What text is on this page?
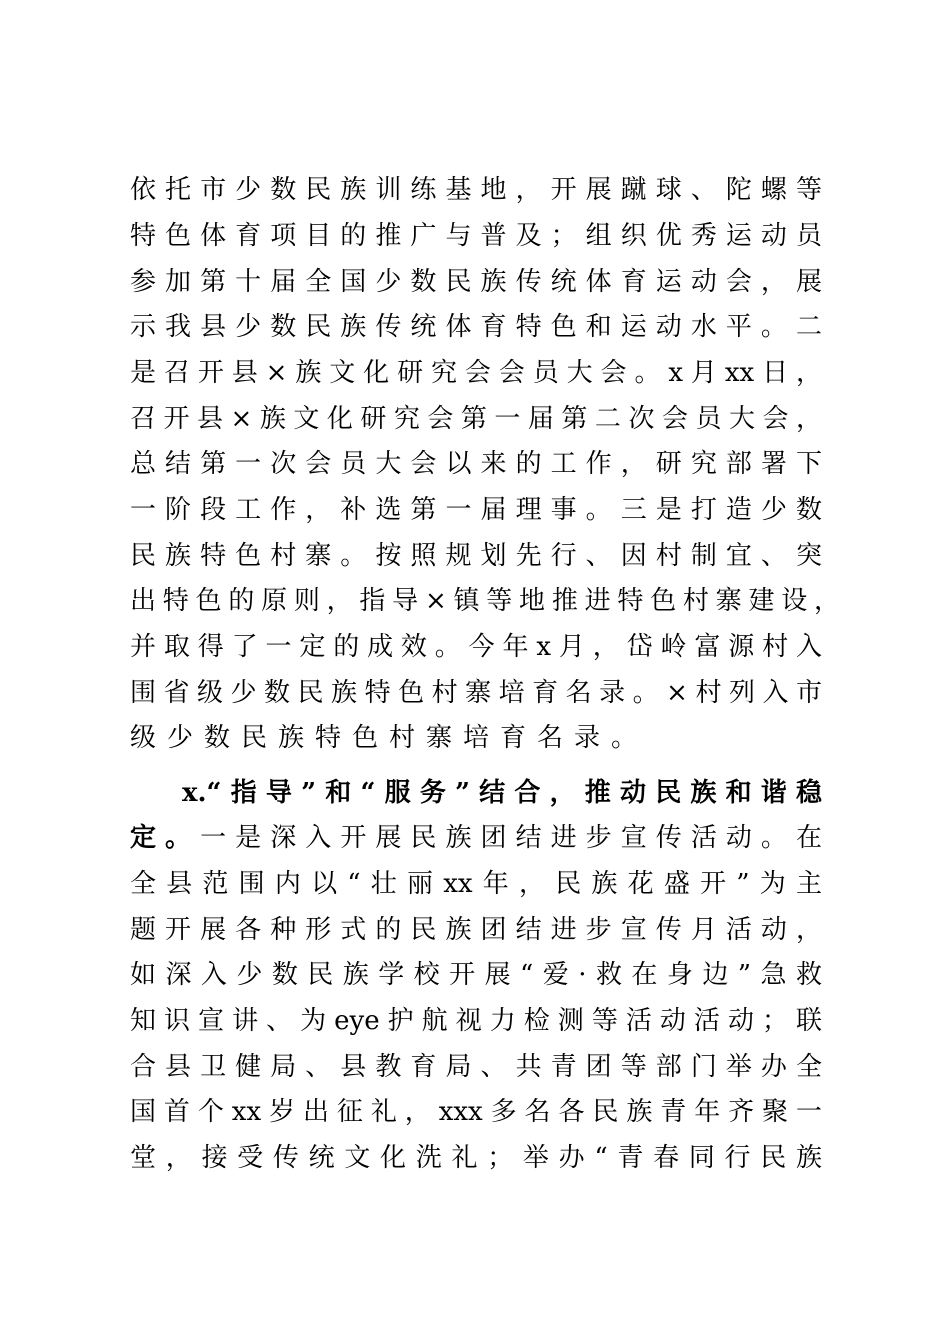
依托市少数民族训练基地，开展蹴球、陀螺等
特色体育项目的推广与普及；组织优秀运动员
参加第十届全国少数民族传统体育运动会，展
示我县少数民族传统体育特色和运动水平。二
是召开县×族文化研究会会员大会。x月xx日，
召开县×族文化研究会第一届第二次会员大会，
总结第一次会员大会以来的工作，研究部署下
一阶段工作，补选第一届理事。三是打造少数
民族特色村寨。按照规划先行、因村制宜、突
出特色的原则，指导×镇等地推进特色村寨建设，
并取得了一定的成效。今年x月，岱岭富源村入
围省级少数民族特色村寨培育名录。×村列入市
级少数民族特色村寨培育名录。
x.“指导”和“服务”结合，推动民族和谐稳
定。一是深入开展民族团结进步宣传活动。在
全县范围内以“壮丽xx年，民族花盛开”为主
题开展各种形式的民族团结进步宣传月活动，
如深入少数民族学校开展“爱·救在身边”急救
知识宣讲、为eye护航视力检测等活动活动；联
合县卫健局、县教育局、共青团等部门举办全
国首个xx岁出征礼，xxx多名各民族青年齐聚一
堂，接受传统文化洗礼；举办“青春同行民族
